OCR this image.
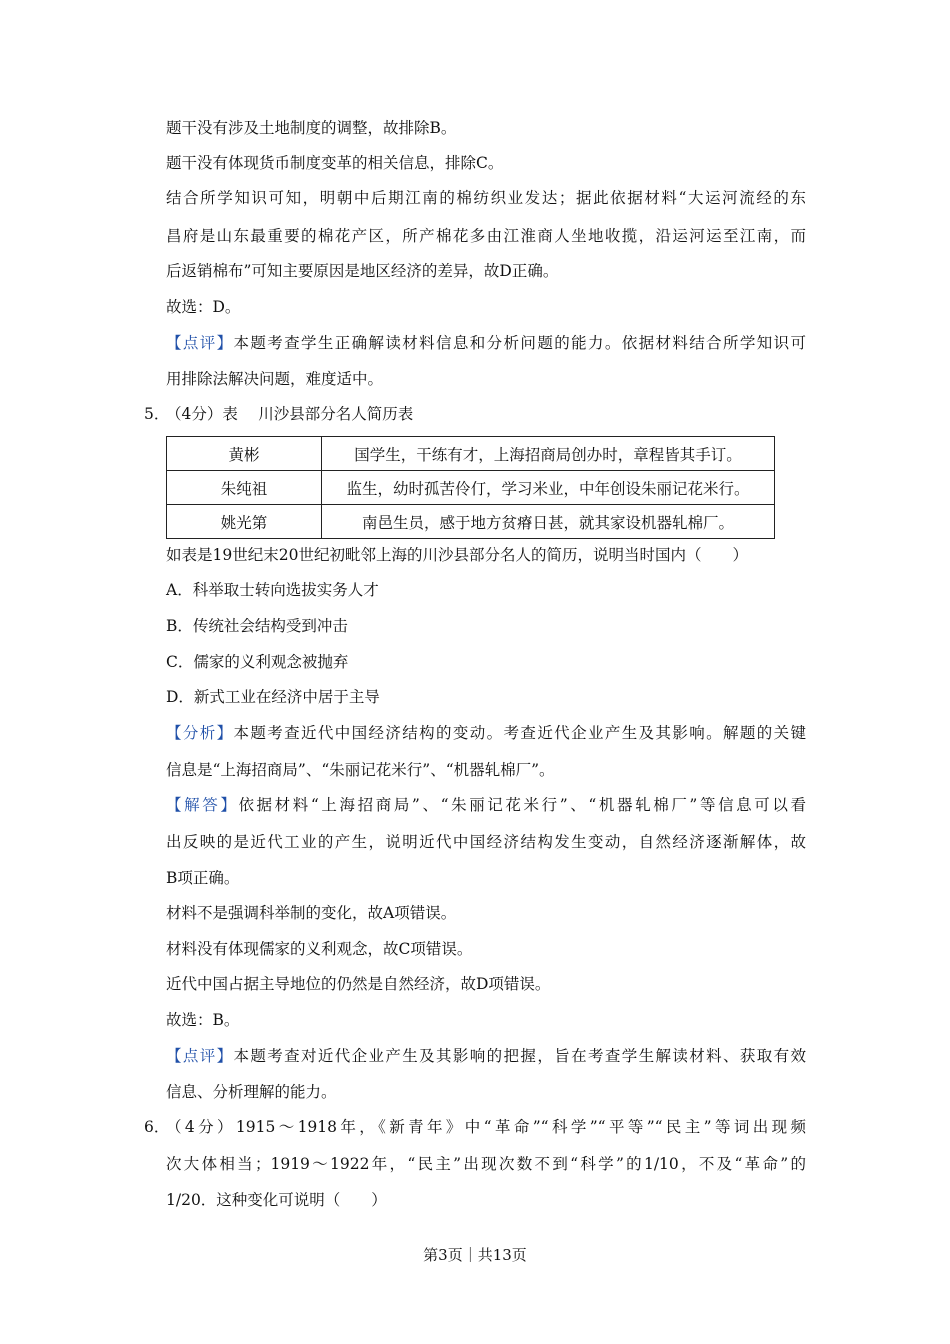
题干没有涉及土地制度的调整，故排除B。
题干没有体现货币制度变革的相关信息，排除C。
结合所学知识可知，明朝中后期江南的棉纺织业发达；据此依据材料“大运河流经的东
昌府是山东最重要的棉花产区，所产棉花多由江淮商人坐地收揽，沿运河运至江南，而
后返销棉布”可知主要原因是地区经济的差异，故D正确。
故选：D。
【点评】本题考查学生正确解读材料信息和分析问题的能力。依据材料结合所学知识可
用排除法解决问题，难度适中。
5．
（4分）表　 川沙县部分名人简历表
黄彬	国学生，干练有才，上海招商局创办时，章程皆其手订。
朱纯祖	监生，幼时孤苦伶仃，学习米业，中年创设朱丽记花米行。
姚光第	南邑生员，感于地方贫瘠日甚，就其家设机器轧棉厂。
如表是19世纪末20世纪初毗邻上海的川沙县部分名人的简历，说明当时国内（　　）
A．科举取士转向选拔实务人才
B．传统社会结构受到冲击
C．儒家的义利观念被抛弃
D．新式工业在经济中居于主导
【分析】本题考查近代中国经济结构的变动。考查近代企业产生及其影响。解题的关键
信息是“上海招商局”、“朱丽记花米行”、“机器轧棉厂”。
【解答】依据材料“上海招商局”、“朱丽记花米行”、“机器轧棉厂”等信息可以看
出反映的是近代工业的产生，说明近代中国经济结构发生变动，自然经济逐渐解体，故
B项正确。
材料不是强调科举制的变化，故A项错误。
材料没有体现儒家的义利观念，故C项错误。
近代中国占据主导地位的仍然是自然经济，故D项错误。
故选：B。
【点评】本题考查对近代企业产生及其影响的把握，旨在考查学生解读材料、获取有效
信息、分析理解的能力。
6．
（4分）1915～1918年，《新青年》中“革命”“科学”“平等”“民主”等词出现频
次大体相当；1919～1922年，“民主”出现次数不到“科学”的1/10，不及“革命”的
1/20．这种变化可说明（　　）
第3页｜共13页
